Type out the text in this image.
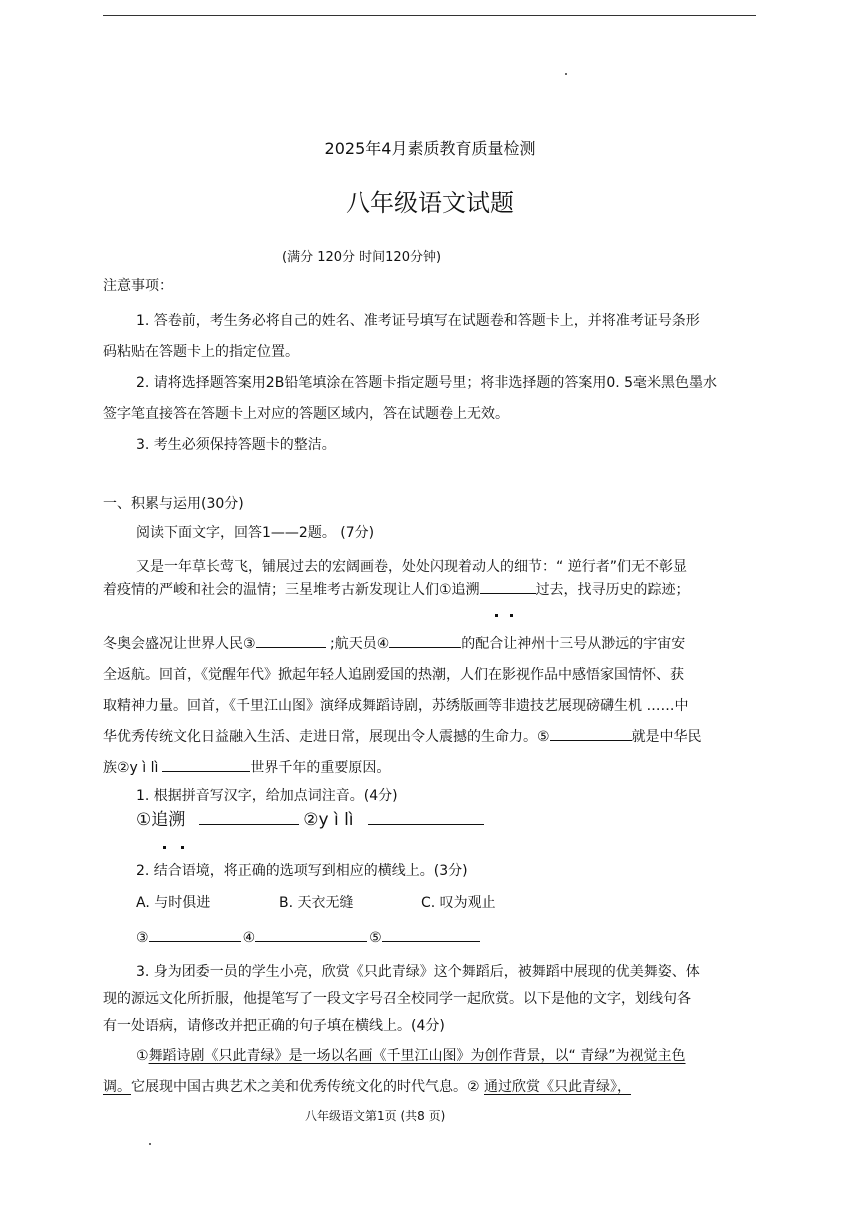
2025年4月素质教育质量检测
八年级语文试题
(满分 120分 时间120分钟)
注意事项：
1. 答卷前，考生务必将自己的姓名、准考证号填写在试题卷和答题卡上，并将准考证号条形
码粘贴在答题卡上的指定位置。
2. 请将选择题答案用2B铅笔填涂在答题卡指定题号里；将非选择题的答案用0. 5毫米黑色墨水
签字笔直接答在答题卡上对应的答题区域内，答在试题卷上无效。
3. 考生必须保持答题卡的整洁。
一、积累与运用(30分)
阅读下面文字，回答1——2题。 (7分)
又是一年草长莺飞，铺展过去的宏阔画卷，处处闪现着动人的细节：“ 逆行者”们无不彰显
着疫情的严峻和社会的温情；三星堆考古新发现让人们①追溯	过去，找寻历史的踪迹；
冬奥会盛况让世界人民③	;航天员④	的配合让神州十三号从渺远的宇宙安
全返航。回首，《觉醒年代》掀起年轻人追剧爱国的热潮，人们在影视作品中感悟家国情怀、获
取精神力量。回首，《千里江山图》演绎成舞蹈诗剧，苏绣版画等非遗技艺展现磅礴生机 ……中
华优秀传统文化日益融入生活、走进日常，展现出令人震撼的生命力。⑤	就是中华民
族②y ì lì	世界千年的重要原因。
1. 根据拼音写汉字，给加点词注音。(4分)
①追溯	②y ì lì
2. 结合语境，将正确的选项写到相应的横线上。(3分)
A. 与时俱进	B. 天衣无缝	C. 叹为观止
③	④	⑤
3. 身为团委一员的学生小亮，欣赏《只此青绿》这个舞蹈后，被舞蹈中展现的优美舞姿、体
现的源远文化所折服，他提笔写了一段文字号召全校同学一起欣赏。以下是他的文字，划线句各
有一处语病，请修改并把正确的句子填在横线上。(4分)
①舞蹈诗剧《只此青绿》是一场以名画《千里江山图》为创作背景，以“ 青绿”为视觉主色
调。它展现中国古典艺术之美和优秀传统文化的时代气息。② 通过欣赏《只此青绿》，
八年级语文第1页 (共8 页)
